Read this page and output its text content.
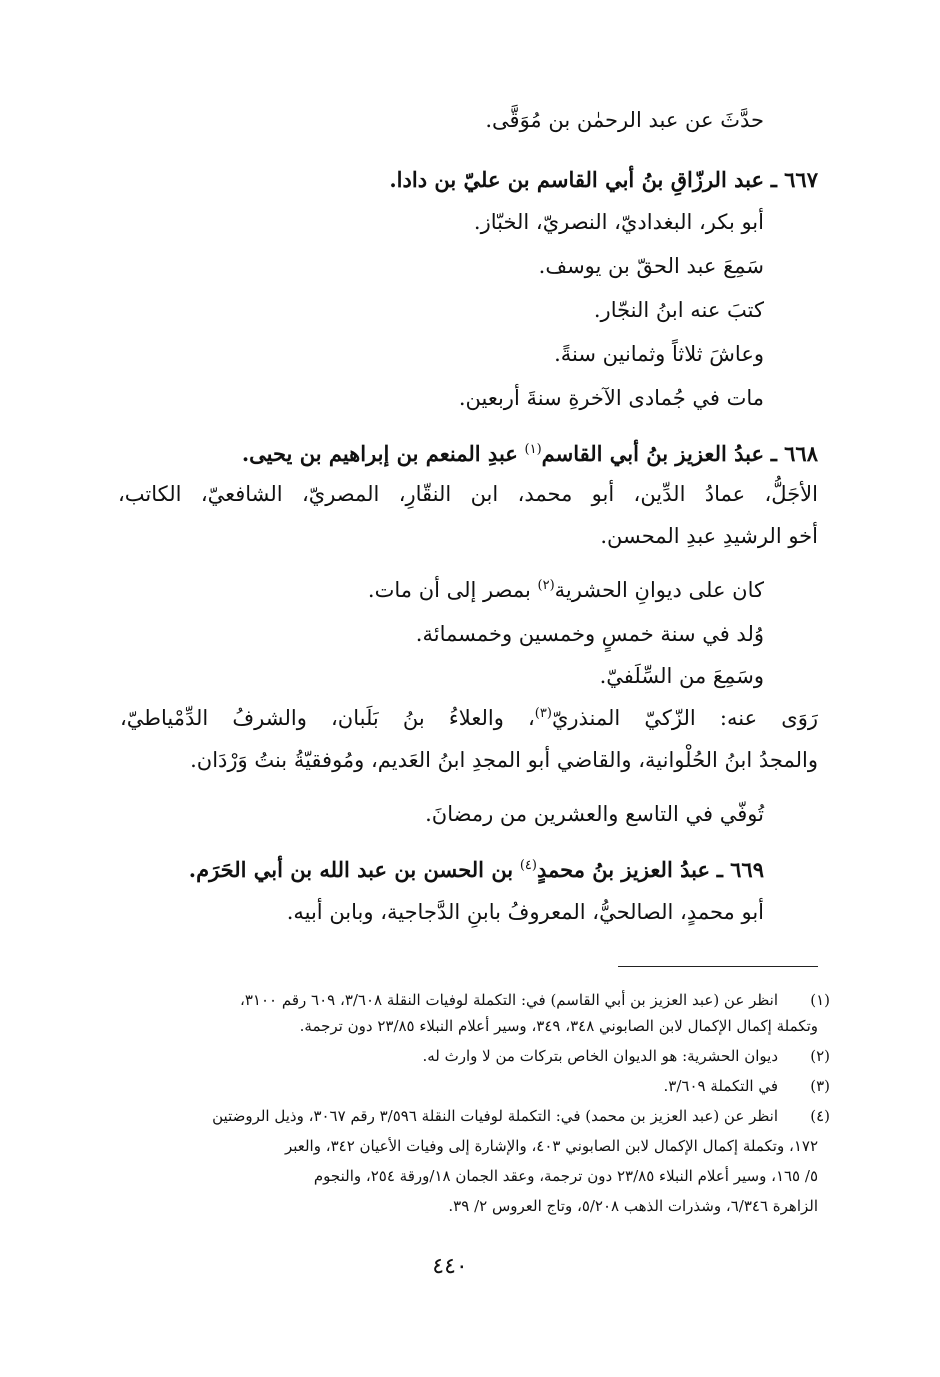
حدَّثَ عن عبد الرحمٰن بن مُوَقَّى.
٦٦٧ ـ عبد الرزّاقِ بنُ أبي القاسم بن عليّ بن دادا.
أبو بكر، البغداديّ، النصريّ، الخبّاز.
سَمِعَ عبد الحقّ بن يوسف.
كتبَ عنه ابنُ النجّار.
وعاشَ ثلاثاً وثمانين سنةً.
مات في جُمادى الآخرةِ سنةَ أربعين.
٦٦٨ ـ عبدُ العزيز بنُ أبي القاسم$^{(١)}$ عبدِ المنعم بن إبراهيم بن يحيى.
الأجَلُّ، عمادُ الدِّين، أبو محمد، ابن النقّارِ، المصريّ، الشافعيّ، الكاتب،
أخو الرشيدِ عبدِ المحسن.
كان على ديوانِ الحشرية$^{(٢)}$ بمصر إلى أن مات.
وُلد في سنة خمسٍ وخمسين وخمسمائة.
وسَمِعَ من السِّلَفيّ.
رَوَى عنه: الزّكيّ المنذريّ$^{(٣)}$، والعلاءُ بنُ بَلَبان، والشرفُ الدِّمْياطيّ،
والمجدُ ابنُ الحُلْوانية، والقاضي أبو المجدِ ابنُ العَديم، ومُوفقيّةُ بنتُ وَرْدَان.
تُوفّي في التاسع والعشرين من رمضانَ.
٦٦٩ ـ عبدُ العزيز بنُ محمدٍ$^{(٤)}$ بن الحسن بن عبد الله بن أبي الحَرَم.
أبو محمدٍ، الصالحيُّ، المعروفُ بابنِ الدَّجاجية، وبابن أبيه.
(١)
انظر عن (عبد العزيز بن أبي القاسم) في: التكملة لوفيات النقلة ٣/٦٠٨، ٦٠٩ رقم ٣١٠٠،
وتكملة إكمال الإكمال لابن الصابوني ٣٤٨، ٣٤٩، وسير أعلام النبلاء ٢٣/٨٥ دون ترجمة.
(٢)
ديوان الحشرية: هو الديوان الخاص بتركات من لا وارث له.
(٣)
في التكملة ٣/٦٠٩.
(٤)
انظر عن (عبد العزيز بن محمد) في: التكملة لوفيات النقلة ٣/٥٩٦ رقم ٣٠٦٧، وذيل الروضتين
١٧٢، وتكملة إكمال الإكمال لابن الصابوني ٤٠٣، والإشارة إلى وفيات الأعيان ٣٤٢، والعبر
٥/ ١٦٥، وسير أعلام النبلاء ٢٣/٨٥ دون ترجمة، وعقد الجمان ١٨/ورقة ٢٥٤، والنجوم
الزاهرة ٦/٣٤٦، وشذرات الذهب ٥/٢٠٨، وتاج العروس ٢/ ٣٩.
٤٤٠
